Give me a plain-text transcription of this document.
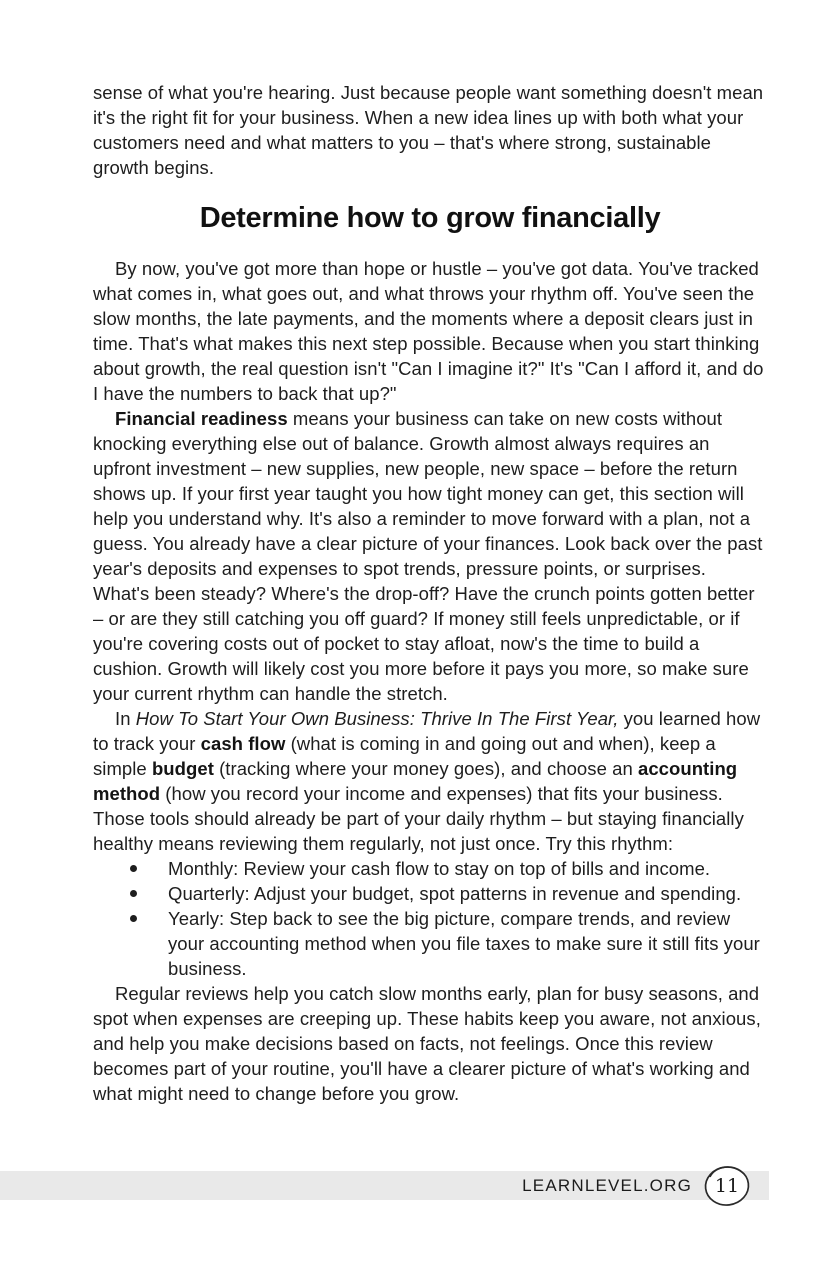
sense of what you're hearing. Just because people want something doesn't mean it's the right fit for your business. When a new idea lines up with both what your customers need and what matters to you – that's where strong, sustainable growth begins.

Determine how to grow financially

By now, you've got more than hope or hustle – you've got data. You've tracked what comes in, what goes out, and what throws your rhythm off. You've seen the slow months, the late payments, and the moments where a deposit clears just in time. That's what makes this next step possible. Because when you start thinking about growth, the real question isn't "Can I imagine it?" It's "Can I afford it, and do I have the numbers to back that up?"

Financial readiness means your business can take on new costs without knocking everything else out of balance. Growth almost always requires an upfront investment – new supplies, new people, new space – before the return shows up. If your first year taught you how tight money can get, this section will help you understand why. It's also a reminder to move forward with a plan, not a guess. You already have a clear picture of your finances. Look back over the past year's deposits and expenses to spot trends, pressure points, or surprises. What's been steady? Where's the drop-off? Have the crunch points gotten better – or are they still catching you off guard? If money still feels unpredictable, or if you're covering costs out of pocket to stay afloat, now's the time to build a cushion. Growth will likely cost you more before it pays you more, so make sure your current rhythm can handle the stretch.

In How To Start Your Own Business: Thrive In The First Year, you learned how to track your cash flow (what is coming in and going out and when), keep a simple budget (tracking where your money goes), and choose an accounting method (how you record your income and expenses) that fits your business. Those tools should already be part of your daily rhythm – but staying financially healthy means reviewing them regularly, not just once. Try this rhythm:

Monthly: Review your cash flow to stay on top of bills and income.
Quarterly: Adjust your budget, spot patterns in revenue and spending.
Yearly: Step back to see the big picture, compare trends, and review your accounting method when you file taxes to make sure it still fits your business.

Regular reviews help you catch slow months early, plan for busy seasons, and spot when expenses are creeping up. These habits keep you aware, not anxious, and help you make decisions based on facts, not feelings. Once this review becomes part of your routine, you'll have a clearer picture of what's working and what might need to change before you grow.

LEARNLEVEL.ORG	11
